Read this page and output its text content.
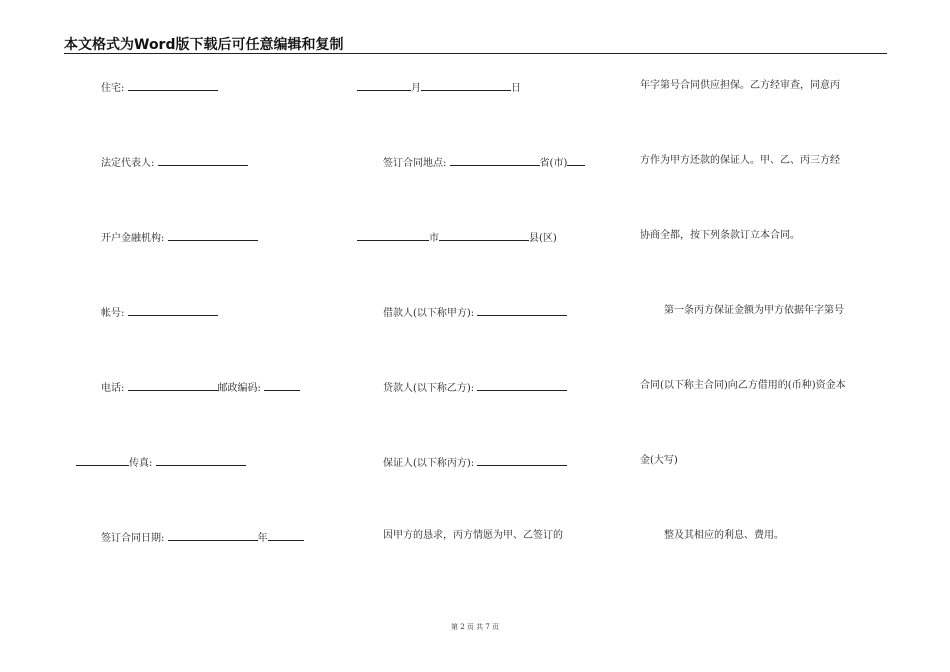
本文格式为Word版下载后可任意编辑和复制
住宅:
法定代表人:
开户金融机构:
帐号:
电话:	邮政编码:
传真:
签订合同日期:	年
月	日
签订合同地点:	省(市)
市	县(区)
借款人(以下称甲方):
贷款人(以下称乙方):
保证人(以下称丙方):
因甲方的恳求，丙方情愿为甲、乙签订的
年字第号合同供应担保。乙方经审查，同意丙
方作为甲方还款的保证人。甲、乙、丙三方经
协商全都，按下列条款订立本合同。
第一条丙方保证金额为甲方依据年字第号
合同(以下称主合同)向乙方借用的(币种)资金本
金(大写)
整及其相应的利息、费用。
第 2 页 共 7 页
